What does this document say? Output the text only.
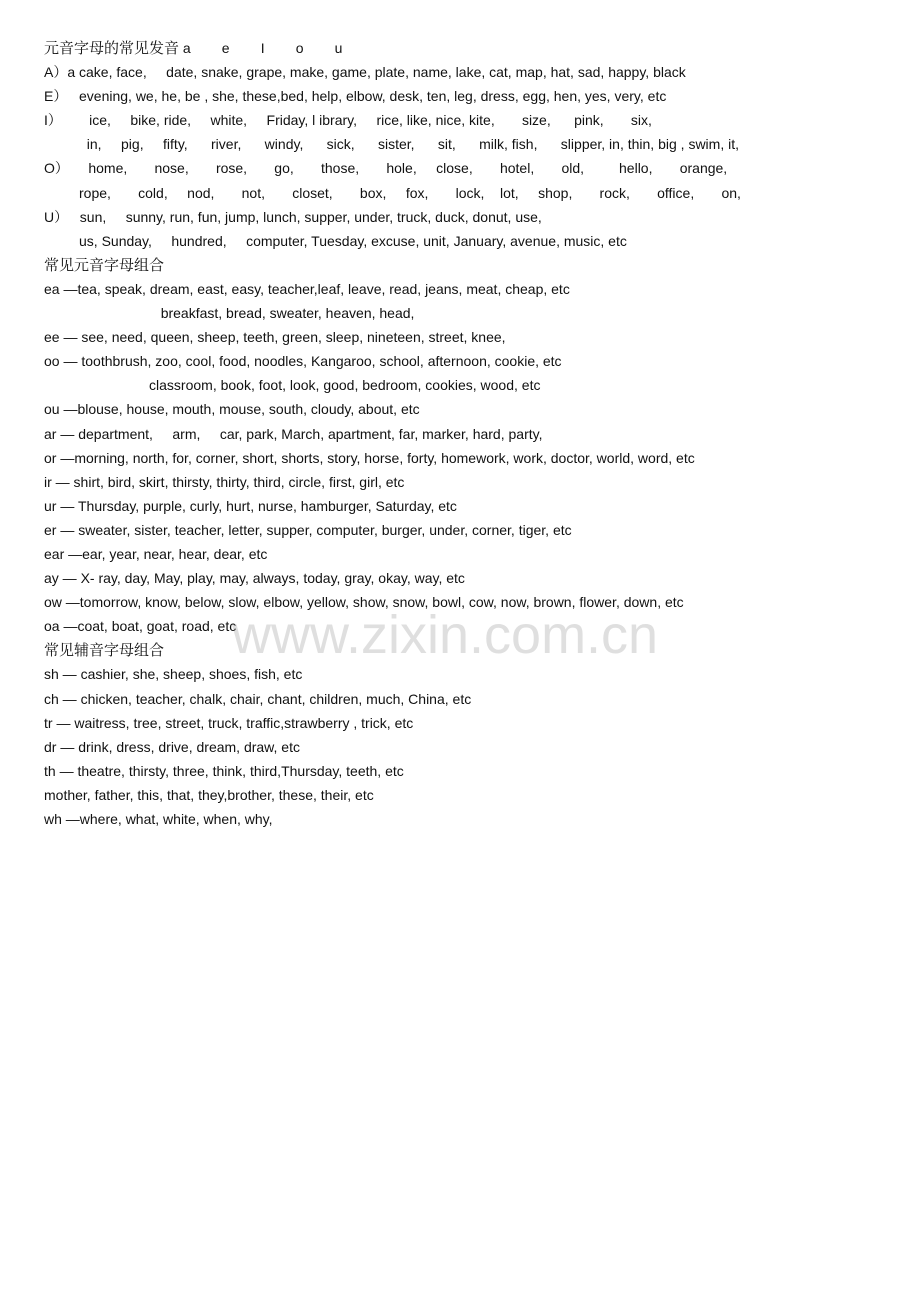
元音字母的常见发音 a        e        I        o        u
A）a cake, face,     date, snake, grape, make, game, plate, name, lake, cat, map, hat, sad, happy, black
E）   evening, we, he, be , she, these,bed, help, elbow, desk, ten, leg, dress, egg, hen, yes, very, etc
I）       ice,     bike, ride,     white,     Friday, l ibrary,     rice, like, nice, kite,       size,      pink,       six,
in,     pig,     fifty,      river,      windy,      sick,      sister,      sit,      milk, fish,      slipper, in, thin, big , swim, it,
O）     home,       nose,       rose,       go,       those,       hole,     close,       hotel,       old,         hello,       orange,
rope,       cold,     nod,       not,       closet,       box,     fox,       lock,    lot,     shop,       rock,       office,       on,
U）   sun,     sunny, run, fun, jump, lunch, supper, under, truck, duck, donut, use,
us, Sunday,     hundred,     computer, Tuesday, excuse, unit, January, avenue, music, etc
常见元音字母组合
ea —tea, speak, dream, east, easy, teacher,leaf, leave, read, jeans, meat, cheap, etc
breakfast, bread, sweater, heaven, head,
ee — see, need, queen, sheep, teeth, green, sleep, nineteen, street, knee,
oo — toothbrush, zoo, cool, food, noodles, Kangaroo, school, afternoon, cookie, etc
classroom, book, foot, look, good, bedroom, cookies, wood, etc
ou —blouse, house, mouth, mouse, south, cloudy, about, etc
ar — department,     arm,     car, park, March, apartment, far, marker, hard, party,
or —morning, north, for, corner, short, shorts, story, horse, forty, homework, work, doctor, world, word, etc
ir — shirt, bird, skirt, thirsty, thirty, third, circle, first, girl, etc
ur — Thursday, purple, curly, hurt, nurse, hamburger, Saturday, etc
er — sweater, sister, teacher, letter, supper, computer, burger, under, corner, tiger, etc
ear —ear, year, near, hear, dear, etc
ay — X- ray, day, May, play, may, always, today, gray, okay, way, etc
ow —tomorrow, know, below, slow, elbow, yellow, show, snow, bowl, cow, now, brown, flower, down, etc
oa —coat, boat, goat, road, etc
常见辅音字母组合
sh — cashier, she, sheep, shoes, fish, etc
ch — chicken, teacher, chalk, chair, chant, children, much, China, etc
tr — waitress, tree, street, truck, traffic,strawberry , trick, etc
dr — drink, dress, drive, dream, draw, etc
th — theatre, thirsty, three, think, third,Thursday, teeth, etc
mother, father, this, that, they,brother, these, their, etc
wh —where, what, white, when, why,
www.zixin.com.cn
